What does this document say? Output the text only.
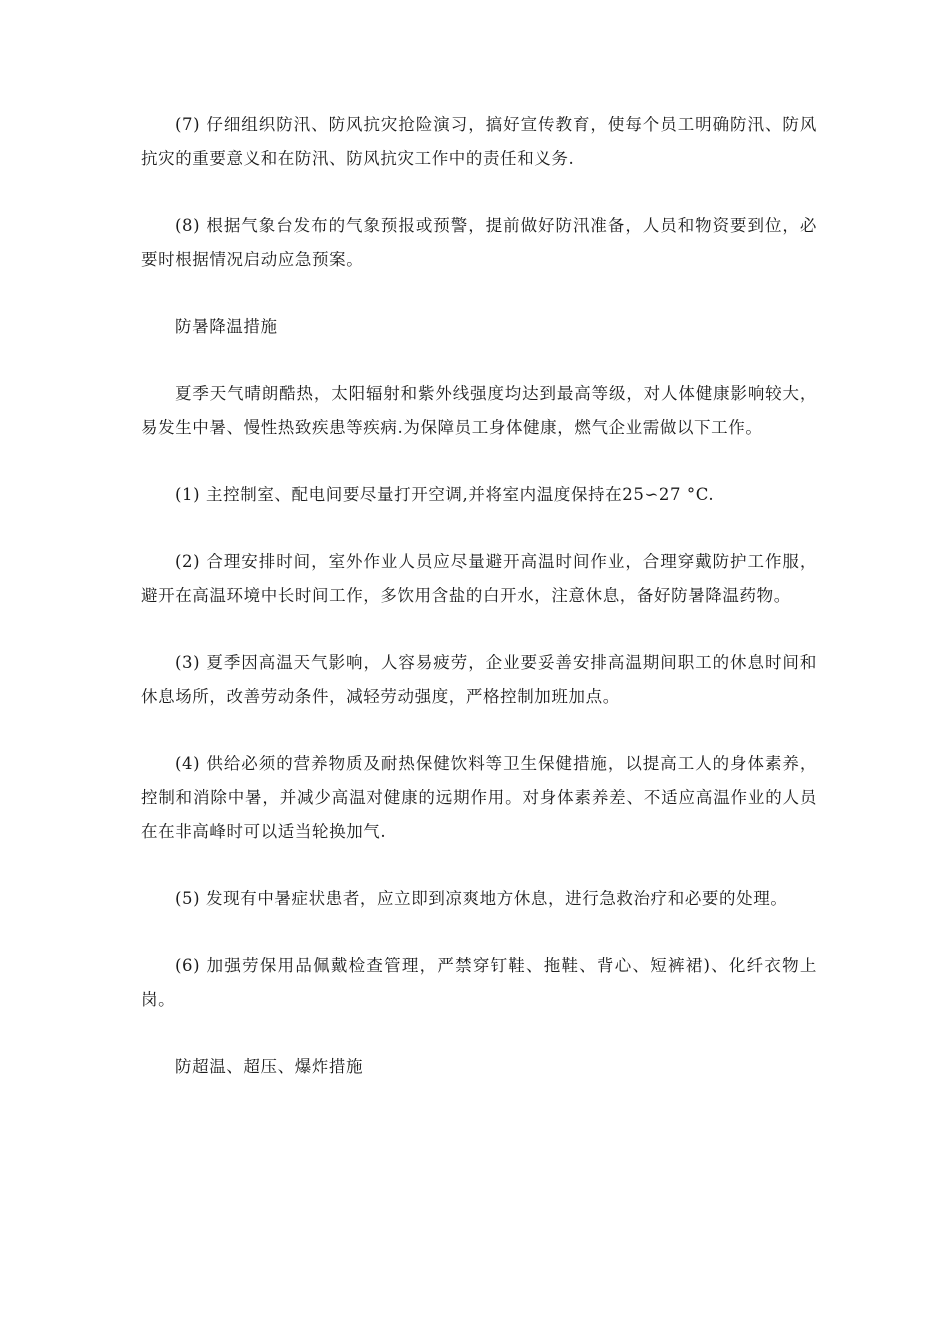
(7) 仔细组织防汛、防风抗灾抢险演习，搞好宣传教育，使每个员工明确防汛、防风抗灾的重要意义和在防汛、防风抗灾工作中的责任和义务.

(8) 根据气象台发布的气象预报或预警，提前做好防汛准备，人员和物资要到位，必要时根据情况启动应急预案。

防暑降温措施

夏季天气晴朗酷热，太阳辐射和紫外线强度均达到最高等级，对人体健康影响较大，易发生中暑、慢性热致疾患等疾病.为保障员工身体健康，燃气企业需做以下工作。

(1) 主控制室、配电间要尽量打开空调,并将室内温度保持在25∽27 °C.

(2) 合理安排时间，室外作业人员应尽量避开高温时间作业，合理穿戴防护工作服，避开在高温环境中长时间工作，多饮用含盐的白开水，注意休息，备好防暑降温药物。

(3) 夏季因高温天气影响，人容易疲劳，企业要妥善安排高温期间职工的休息时间和休息场所，改善劳动条件，减轻劳动强度，严格控制加班加点。

(4) 供给必须的营养物质及耐热保健饮料等卫生保健措施，以提高工人的身体素养，控制和消除中暑，并减少高温对健康的远期作用。对身体素养差、不适应高温作业的人员在在非高峰时可以适当轮换加气.

(5) 发现有中暑症状患者，应立即到凉爽地方休息，进行急救治疗和必要的处理。

(6) 加强劳保用品佩戴检查管理，严禁穿钉鞋、拖鞋、背心、短裤裙)、化纤衣物上岗。

防超温、超压、爆炸措施
